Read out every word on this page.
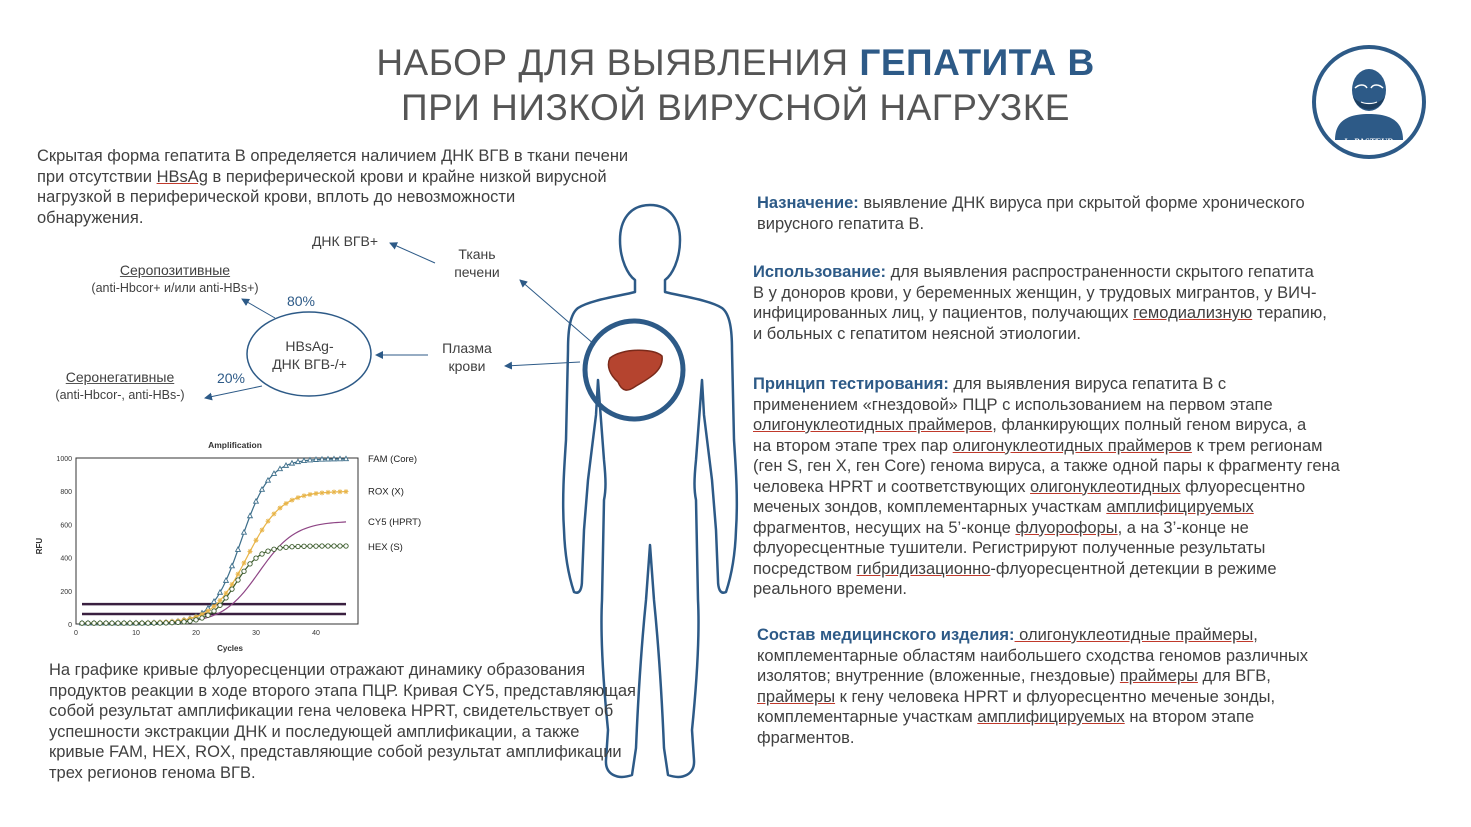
НАБОР ДЛЯ ВЫЯВЛЕНИЯ ГЕПАТИТА В
ПРИ НИЗКОЙ ВИРУСНОЙ НАГРУЗКЕ
L. PASTEUR
Скрытая форма гепатита В определяется наличием ДНК ВГВ в ткани печени
при отсутствии HBsAg в периферической крови и крайне низкой вирусной
нагрузкой в периферической крови, вплоть до невозможности
обнаружения.
ДНК ВГВ+
Ткань
печени
Серопозитивные
(anti-Hbcor+ и/или anti-HBs+)
80%
HBsAg-
ДНК ВГВ-/+
Плазма
крови
Серонегативные
(anti-Hbcor-, anti-HBs-)
20%
Amplification
Cycles
RFU
0
200
400
600
800
1000
0	10	20	30	40
FAM (Core)
ROX (X)
CY5 (HPRT)
HEX (S)
На графике кривые флуоресценции отражают динамику образования
продуктов реакции в ходе второго этапа ПЦР. Кривая CY5, представляющая
собой результат амплификации гена человека HPRT, свидетельствует об
успешности экстракции ДНК и последующей амплификации, а также
кривые FAM, HEX, ROX, представляющие собой результат амплификации
трех регионов генома ВГВ.
Назначение: выявление ДНК вируса при скрытой форме хронического
вирусного гепатита В.
Использование: для выявления распространенности скрытого гепатита
В у доноров крови, у беременных женщин, у трудовых мигрантов, у ВИЧ-
инфицированных лиц, у пациентов, получающих гемодиализную терапию,
и больных с гепатитом неясной этиологии.
Принцип тестирования: для выявления вируса гепатита В с
применением «гнездовой» ПЦР с использованием на первом этапе
олигонуклеотидных праймеров, фланкирующих полный геном вируса, а
на втором этапе трех пар олигонуклеотидных праймеров к трем регионам
(ген S, ген X, ген Core) генома вируса, а также одной пары к фрагменту гена
человека HPRT и соответствующих олигонуклеотидных флуоресцентно
меченых зондов, комплементарных участкам амплифицируемых
фрагментов, несущих на 5’-конце флуорофоры, а на 3’-конце не
флуоресцентные тушители. Регистрируют полученные результаты
посредством гибридизационно-флуоресцентной детекции в режиме
реального времени.
Состав медицинского изделия: олигонуклеотидные праймеры,
комплементарные областям наибольшего сходства геномов различных
изолятов; внутренние (вложенные, гнездовые) праймеры для ВГВ,
праймеры к гену человека HPRT и флуоресцентно меченые зонды,
комплементарные участкам амплифицируемых на втором этапе
фрагментов.
